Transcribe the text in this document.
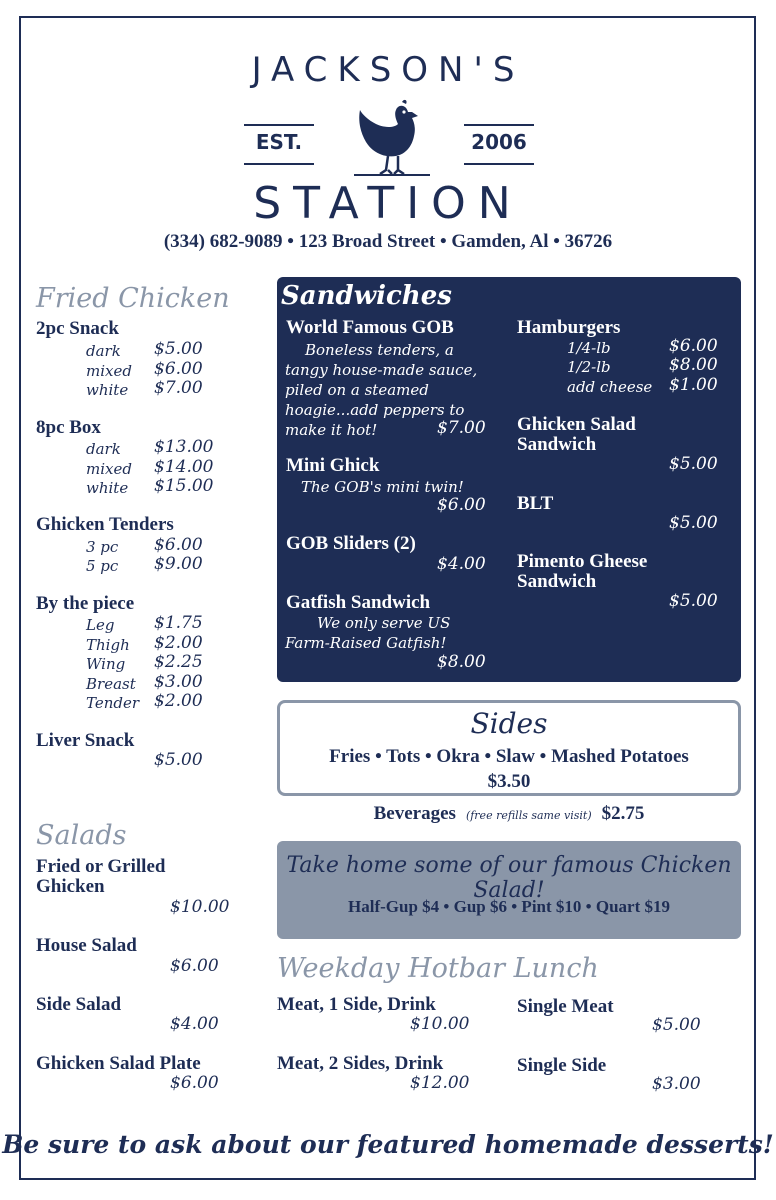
JACKSON'S
EST.	2006
STATION
(334) 682-9089 • 123 Broad Street • Gamden, Al • 36726
Fried Chicken
2pc Snack
dark $5.00
mixed $6.00
white $7.00
8pc Box
dark $13.00
mixed $14.00
white $15.00
Ghicken Tenders
3 pc $6.00
5 pc $9.00
By the piece
Leg $1.75
Thigh $2.00
Wing $2.25
Breast $3.00
Tender $2.00
Liver Snack
$5.00
Salads
Fried or Grilled
Ghicken
$10.00
House Salad
$6.00
Side Salad
$4.00
Ghicken Salad Plate
$6.00
Sandwiches
World Famous GOB
Boneless tenders, a
tangy house-made sauce,
piled on a steamed
hoagie...add peppers to
make it hot!	$7.00
Mini Ghick
The GOB's mini twin!
$6.00
GOB Sliders (2)
$4.00
Gatfish Sandwich
We only serve US
Farm-Raised Gatfish!
$8.00
Hamburgers
1/4-lb	$6.00
1/2-lb	$8.00
add cheese $1.00
Ghicken Salad
Sandwich
$5.00
BLT
$5.00
Pimento Gheese
Sandwich
$5.00
Sides
Fries • Tots • Okra • Slaw • Mashed Potatoes
$3.50
Beverages (free refills same visit) $2.75
Take home some of our famous Chicken Salad!
Half-Gup $4 • Gup $6 • Pint $10 • Quart $19
Weekday Hotbar Lunch
Meat, 1 Side, Drink
$10.00
Meat, 2 Sides, Drink
$12.00
Single Meat
$5.00
Single Side
$3.00
Be sure to ask about our featured homemade desserts!
